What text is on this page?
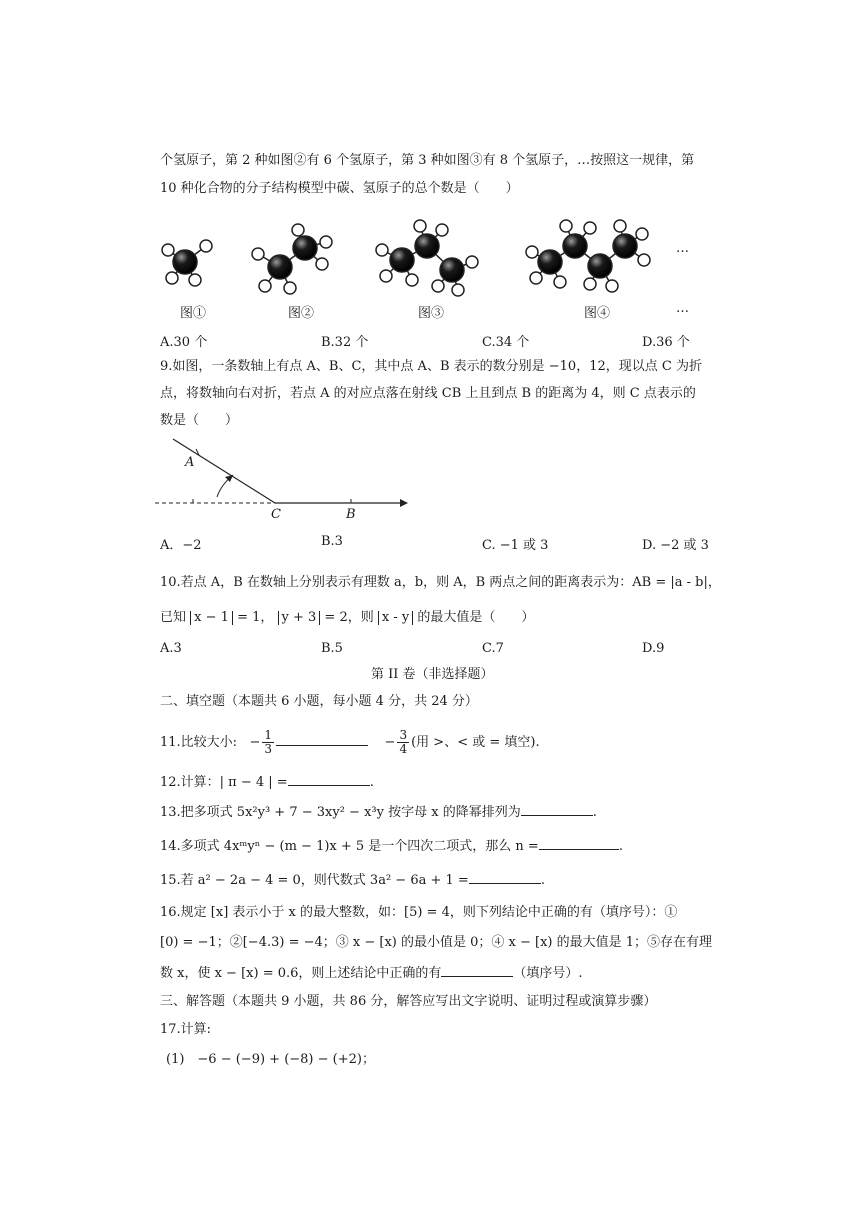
个氢原子，第 2 种如图②有 6 个氢原子，第 3 种如图③有 8 个氢原子，…按照这一规律，第
10 种化合物的分子结构模型中碳、氢原子的总个数是（　　）
…
图①	图②	图③	图④	…
A.30 个	B.32 个	C.34 个	D.36 个
9.如图，一条数轴上有点 A、B、C，其中点 A、B 表示的数分别是 −10，12，现以点 C 为折
点，将数轴向右对折，若点 A 的对应点落在射线 CB 上且到点 B 的距离为 4，则 C 点表示的
数是（　　）
A
C	B
A．−2	B.3	C. −1 或 3	D. −2 或 3
10.若点 A，B 在数轴上分别表示有理数 a，b，则 A，B 两点之间的距离表示为：AB = |a - b|，
已知 x − 1 = 1， y + 3 = 2，则 x - y 的最大值是（　　）
A.3	B.5	C.7	D.9
第 II 卷（非选择题）
二、填空题（本题共 6 小题，每小题 4 分，共 24 分）
11.比较大小: − $\frac{1}{3}$	− $\frac{3}{4}$ (用 >、< 或 = 填空).
12.计算：| π − 4 | =	.
13.把多项式 5x²y³ + 7 − 3xy² − x³y 按字母 x 的降幂排列为	.
14.多项式 4xᵐyⁿ − (m − 1)x + 5 是一个四次二项式，那么 n =	.
15.若 a² − 2a − 4 = 0，则代数式 3a² − 6a + 1 =	.
16.规定 [x] 表示小于 x 的最大整数，如：[5) = 4，则下列结论中正确的有（填序号）：①
[0) = −1；②[−4.3) = −4；③ x − [x) 的最小值是 0；④ x − [x) 的最大值是 1；⑤存在有理
数 x，使 x − [x) = 0.6，则上述结论中正确的有	（填序号）.
三、解答题（本题共 9 小题，共 86 分，解答应写出文字说明、证明过程或演算步骤）
17.计算:
(1)　−6 − (−9) + (−8) − (+2)；
